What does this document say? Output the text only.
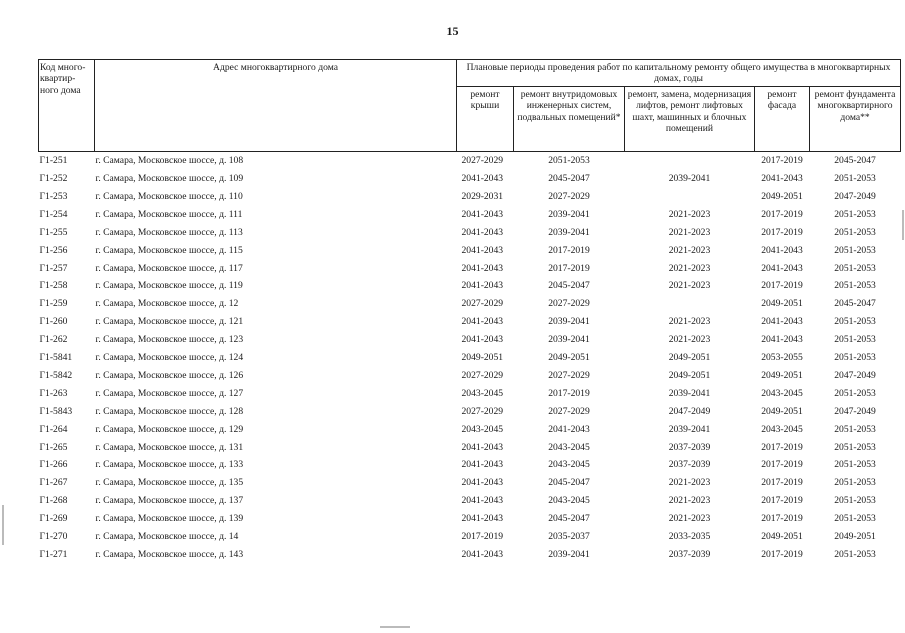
15
Код много-квартир-ного дома	Адрес многоквартирного дома	Плановые периоды проведения работ по капитальному ремонту общего имущества в многоквартирных домах, годы				
		ремонт крыши	ремонт внутридомовых инженерных систем, подвальных помещений*	ремонт, замена, модернизация лифтов, ремонт лифтовых шахт, машинных и блочных помещений	ремонт фасада	ремонт фундамента многоквартирного дома**
Г1-251	г. Самара, Московское шоссе, д. 108	2027-2029	2051-2053		2017-2019	2045-2047
Г1-252	г. Самара, Московское шоссе, д. 109	2041-2043	2045-2047	2039-2041	2041-2043	2051-2053
Г1-253	г. Самара, Московское шоссе, д. 110	2029-2031	2027-2029		2049-2051	2047-2049
Г1-254	г. Самара, Московское шоссе, д. 111	2041-2043	2039-2041	2021-2023	2017-2019	2051-2053
Г1-255	г. Самара, Московское шоссе, д. 113	2041-2043	2039-2041	2021-2023	2017-2019	2051-2053
Г1-256	г. Самара, Московское шоссе, д. 115	2041-2043	2017-2019	2021-2023	2041-2043	2051-2053
Г1-257	г. Самара, Московское шоссе, д. 117	2041-2043	2017-2019	2021-2023	2041-2043	2051-2053
Г1-258	г. Самара, Московское шоссе, д. 119	2041-2043	2045-2047	2021-2023	2017-2019	2051-2053
Г1-259	г. Самара, Московское шоссе, д. 12	2027-2029	2027-2029		2049-2051	2045-2047
Г1-260	г. Самара, Московское шоссе, д. 121	2041-2043	2039-2041	2021-2023	2041-2043	2051-2053
Г1-262	г. Самара, Московское шоссе, д. 123	2041-2043	2039-2041	2021-2023	2041-2043	2051-2053
Г1-5841	г. Самара, Московское шоссе, д. 124	2049-2051	2049-2051	2049-2051	2053-2055	2051-2053
Г1-5842	г. Самара, Московское шоссе, д. 126	2027-2029	2027-2029	2049-2051	2049-2051	2047-2049
Г1-263	г. Самара, Московское шоссе, д. 127	2043-2045	2017-2019	2039-2041	2043-2045	2051-2053
Г1-5843	г. Самара, Московское шоссе, д. 128	2027-2029	2027-2029	2047-2049	2049-2051	2047-2049
Г1-264	г. Самара, Московское шоссе, д. 129	2043-2045	2041-2043	2039-2041	2043-2045	2051-2053
Г1-265	г. Самара, Московское шоссе, д. 131	2041-2043	2043-2045	2037-2039	2017-2019	2051-2053
Г1-266	г. Самара, Московское шоссе, д. 133	2041-2043	2043-2045	2037-2039	2017-2019	2051-2053
Г1-267	г. Самара, Московское шоссе, д. 135	2041-2043	2045-2047	2021-2023	2017-2019	2051-2053
Г1-268	г. Самара, Московское шоссе, д. 137	2041-2043	2043-2045	2021-2023	2017-2019	2051-2053
Г1-269	г. Самара, Московское шоссе, д. 139	2041-2043	2045-2047	2021-2023	2017-2019	2051-2053
Г1-270	г. Самара, Московское шоссе, д. 14	2017-2019	2035-2037	2033-2035	2049-2051	2049-2051
Г1-271	г. Самара, Московское шоссе, д. 143	2041-2043	2039-2041	2037-2039	2017-2019	2051-2053
